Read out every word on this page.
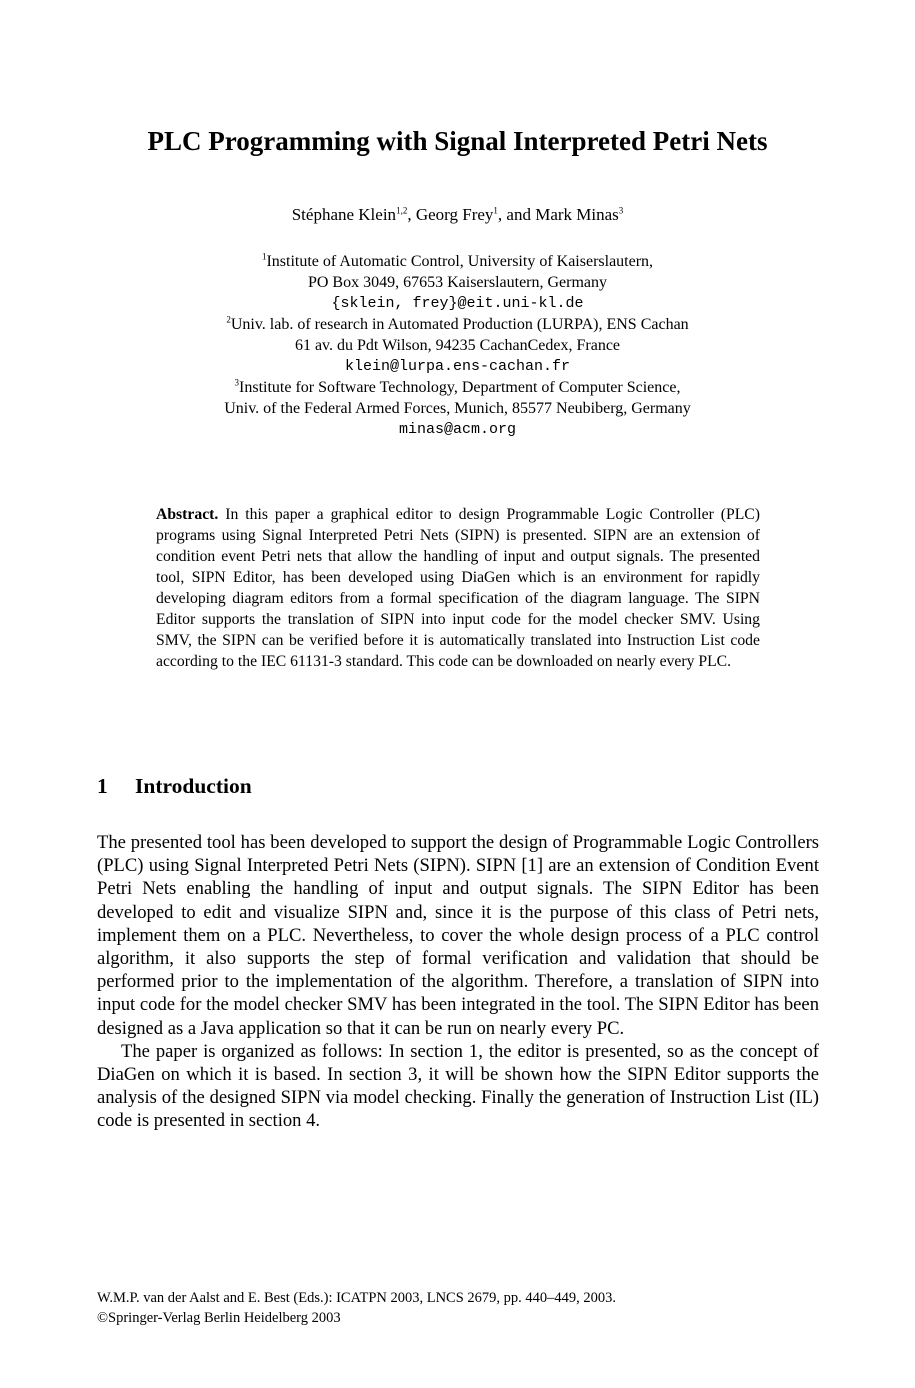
PLC Programming with Signal Interpreted Petri Nets
Stéphane Klein$^{1,2}$, Georg Frey$^1$, and Mark Minas$^3$
$^1$Institute of Automatic Control, University of Kaiserslautern,
PO Box 3049, 67653 Kaiserslautern, Germany
{sklein, frey}@eit.uni-kl.de
$^2$Univ. lab. of research in Automated Production (LURPA), ENS Cachan
61 av. du Pdt Wilson, 94235 CachanCedex, France
klein@lurpa.ens-cachan.fr
$^3$Institute for Software Technology, Department of Computer Science,
Univ. of the Federal Armed Forces, Munich, 85577 Neubiberg, Germany
minas@acm.org
Abstract. In this paper a graphical editor to design Programmable Logic Controller (PLC) programs using Signal Interpreted Petri Nets (SIPN) is presented. SIPN are an extension of condition event Petri nets that allow the handling of input and output signals. The presented tool, SIPN Editor, has been developed using DiaGen which is an environment for rapidly developing diagram editors from a formal specification of the diagram language. The SIPN Editor supports the translation of SIPN into input code for the model checker SMV. Using SMV, the SIPN can be verified before it is automatically translated into Instruction List code according to the IEC 61131-3 standard. This code can be downloaded on nearly every PLC.
1 Introduction

The presented tool has been developed to support the design of Programmable Logic Controllers (PLC) using Signal Interpreted Petri Nets (SIPN). SIPN [1] are an extension of Condition Event Petri Nets enabling the handling of input and output signals. The SIPN Editor has been developed to edit and visualize SIPN and, since it is the purpose of this class of Petri nets, implement them on a PLC. Nevertheless, to cover the whole design process of a PLC control algorithm, it also supports the step of formal verification and validation that should be performed prior to the implementation of the algorithm. Therefore, a translation of SIPN into input code for the model checker SMV has been integrated in the tool. The SIPN Editor has been designed as a Java application so that it can be run on nearly every PC.

The paper is organized as follows: In section 1, the editor is presented, so as the concept of DiaGen on which it is based. In section 3, it will be shown how the SIPN Editor supports the analysis of the designed SIPN via model checking. Finally the generation of Instruction List (IL) code is presented in section 4.

W.M.P. van der Aalst and E. Best (Eds.): ICATPN 2003, LNCS 2679, pp. 440–449, 2003.
©Springer-Verlag Berlin Heidelberg 2003
